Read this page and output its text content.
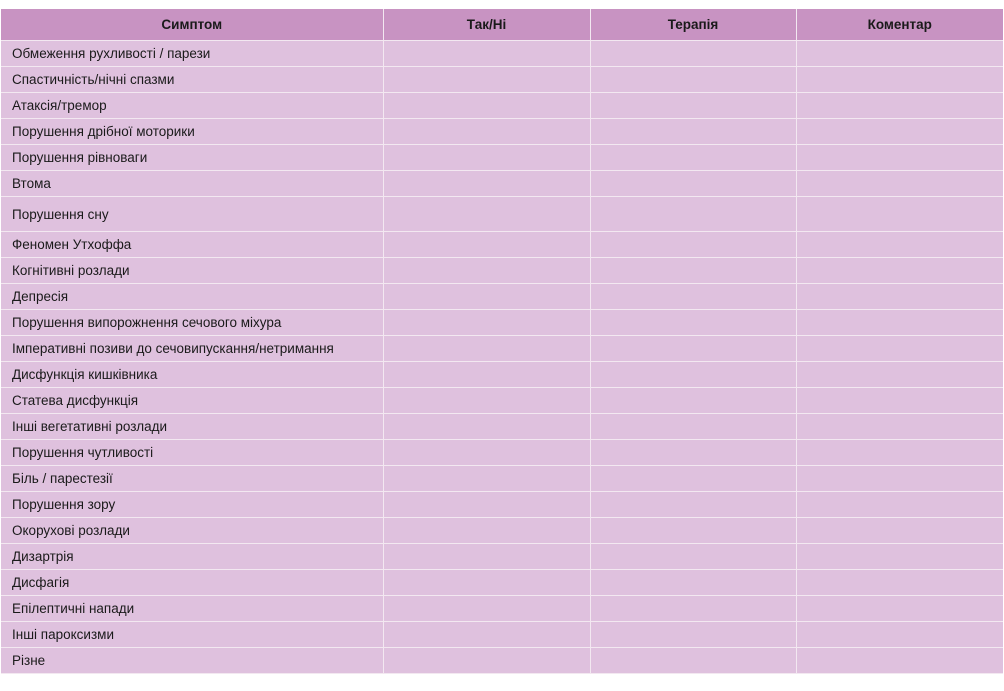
Симптом	Так/Ні	Терапія	Коментар
Обмеження рухливості / парези			
Спастичність/нічні спазми			
Атаксія/тремор			
Порушення дрібної моторики			
Порушення рівноваги			
Втома			
Порушення сну			
Феномен Утхоффа			
Когнітивні розлади			
Депресія			
Порушення випорожнення сечового міхура			
Імперативні позиви до сечовипускання/нетримання			
Дисфункція кишківника			
Статева дисфункція			
Інші вегетативні розлади			
Порушення чутливості			
Біль / парестезії			
Порушення зору			
Окорухові розлади			
Дизартрія			
Дисфагія			
Епілептичні напади			
Інші пароксизми			
Різне			
